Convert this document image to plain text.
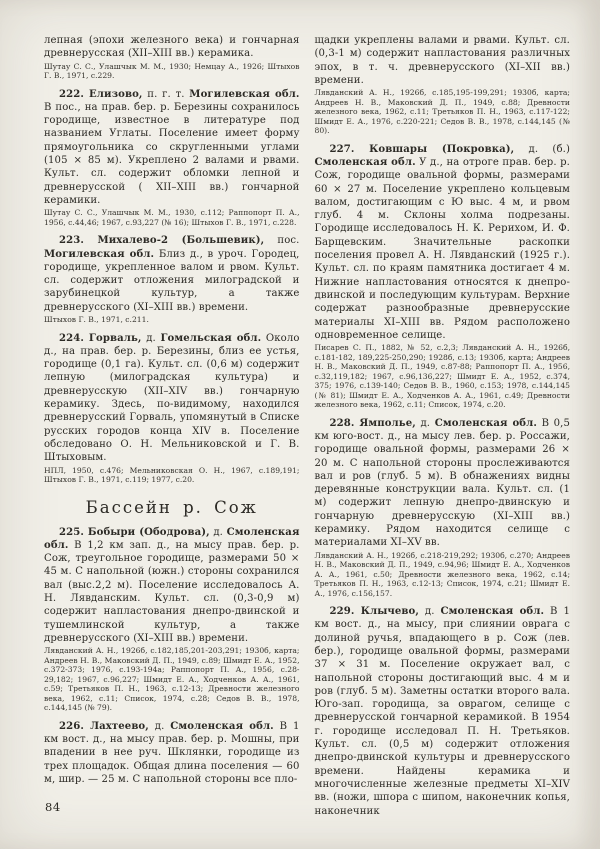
лепная (эпохи железного века) и гончарная древнерусская (XII–XIII вв.) керамика.

Шутау С. С., Улашчык М. М., 1930; Немцау А., 1926; Штыхов Г. В., 1971, с.229.

222. Елизово, п. г. т. Могилевская обл. В пос., на прав. бер. р. Березины сохранилось городище, известное в литературе под названием Углаты. Поселение имеет форму прямоугольника со скругленными углами (105 × 85 м). Укреплено 2 валами и рвами. Культ. сл. содержит обломки лепной и древнерусской ( XII–XIII вв.) гончарной керамики.

Шутау С. С., Улашчык М. М., 1930, с.112; Раппопорт П. А., 1956, с.44,46; 1967, с.93,227 (№ 16); Штыхов Г. В., 1971, с.228.

223. Михалево-2 (Большевик), пос. Могилевская обл. Близ д., в уроч. Городец, городище, укрепленное валом и рвом. Культ. сл. содержит отложения милоградской и зарубинецкой культур, а также древнерусского (XI–XIII вв.) времени.

Штыхов Г. В., 1971, с.211.

224. Горваль, д. Гомельская обл. Около д., на прав. бер. р. Березины, близ ее устья, городище (0,1 га). Культ. сл. (0,6 м) содержит лепную (милоградская культура) и древнерусскую (XII–XIV вв.) гончарную керамику. Здесь, по-видимому, находился древнерусский Горваль, упомянутый в Списке русских городов конца XIV в. Поселение обследовано О. Н. Мельниковской и Г. В. Штыховым.

НПЛ, 1950, с.476; Мельниковская О. Н., 1967, с.189,191; Штыхов Г. В., 1971, с.119; 1977, с.20.

Бассейн р. Сож

225. Бобыри (Ободрова), д. Смоленская обл. В 1,2 км зап. д., на мысу прав. бер. р. Сож, треугольное городище, размерами 50 × 45 м. С напольной (южн.) стороны сохранился вал (выс.2,2 м). Поселение исследовалось А. Н. Лявданским. Культ. сл. (0,3-0,9 м) содержит напластования днепро-двинской и тушемлинской культур, а также древнерусского (XI–XIII вв.) времени.

Лявданский А. Н., 1926б, с.182,185,201-203,291; 1930б, карта; Андреев Н. В., Маковский Д. П., 1949, с.89; Шмидт Е. А., 1952, с.372-373; 1976, с.193-194а; Раппопорт П. А., 1956, с.28-29,182; 1967, с.96,227; Шмидт Е. А., Ходченков А. А., 1961, с.59; Третьяков П. Н., 1963, с.12-13; Древности железного века, 1962, с.11; Список, 1974, с.28; Седов В. В., 1978, с.144,145 (№ 79).

226. Лахтеево, д. Смоленская обл. В 1 км вост. д., на мысу прав. бер. р. Мошны, при впадении в нее руч. Шклянки, городище из трех площадок. Общая длина поселения — 60 м, шир. — 25 м. С напольной стороны все пло-

щадки укреплены валами и рвами. Культ. сл. (0,3-1 м) содержит напластования различных эпох, в т. ч. древнерусского (XI–XII вв.) времени.

Лявданский А. Н., 1926б, с.185,195-199,291; 1930б, карта; Андреев Н. В., Маковский Д. П., 1949, с.88; Древности железного века, 1962, с.11; Третьяков П. Н., 1963, с.117-122; Шмидт Е. А., 1976, с.220-221; Седов В. В., 1978, с.144,145 (№ 80).

227. Ковшары (Покровка), д. (б.) Смоленская обл. У д., на отроге прав. бер. р. Сож, городище овальной формы, размерами 60 × 27 м. Поселение укреплено кольцевым валом, достигающим с Ю выс. 4 м, и рвом глуб. 4 м. Склоны холма подрезаны. Городище исследовалось Н. К. Рерихом, И. Ф. Барщевским. Значительные раскопки поселения провел А. Н. Лявданский (1925 г.). Культ. сл. по краям памятника достигает 4 м. Нижние напластования относятся к днепро-двинской и последующим культурам. Верхние содержат разнообразные древнерусские материалы XI–XIII вв. Рядом расположено одновременное селище.

Писарев С. П., 1882, № 52, с.2,3; Лявданский А. Н., 1926б, с.181-182, 189,225-250,290; 1928б, с.13; 1930б, карта; Андреев Н. В., Маковский Д. П., 1949, с.87-88; Раппопорт П. А., 1956, с.32,119,182; 1967, с.96,136,227; Шмидт Е. А., 1952, с.374, 375; 1976, с.139-140; Седов В. В., 1960, с.153; 1978, с.144,145 (№ 81); Шмидт Е. А., Ходченков А. А., 1961, с.49; Древности железного века, 1962, с.11; Список, 1974, с.20.

228. Ямполье, д. Смоленская обл. В 0,5 км юго-вост. д., на мысу лев. бер. р. Россажи, городище овальной формы, размерами 26 × 20 м. С напольной стороны прослеживаются вал и ров (глуб. 5 м). В обнажениях видны деревянные конструкции вала. Культ. сл. (1 м) содержит лепную днепро-двинскую и гончарную древнерусскую (XI–XIII вв.) керамику. Рядом находится селище с материалами XI–XV вв.

Лявданский А. Н., 1926б, с.218-219,292; 1930б, с.270; Андреев Н. В., Маковский Д. П., 1949, с.94,96; Шмидт Е. А., Ходченков А. А., 1961, с.50; Древности железного века, 1962, с.14; Третьяков П. Н., 1963, с.12-13; Список, 1974, с.21; Шмидт Е. А., 1976, с.156,157.

229. Клычево, д. Смоленская обл. В 1 км вост. д., на мысу, при слиянии оврага с долиной ручья, впадающего в р. Сож (лев. бер.), городище овальной формы, размерами 37 × 31 м. Поселение окружает вал, с напольной стороны достигающий выс. 4 м и ров (глуб. 5 м). Заметны остатки второго вала. Юго-зап. городища, за оврагом, селище с древнерусской гончарной керамикой. В 1954 г. городище исследовал П. Н. Третьяков. Культ. сл. (0,5 м) содержит отложения днепро-двинской культуры и древнерусского времени. Найдены керамика и многочисленные железные предметы XI–XIV вв. (ножи, шпора с шипом, наконечник копья, наконечник

84
